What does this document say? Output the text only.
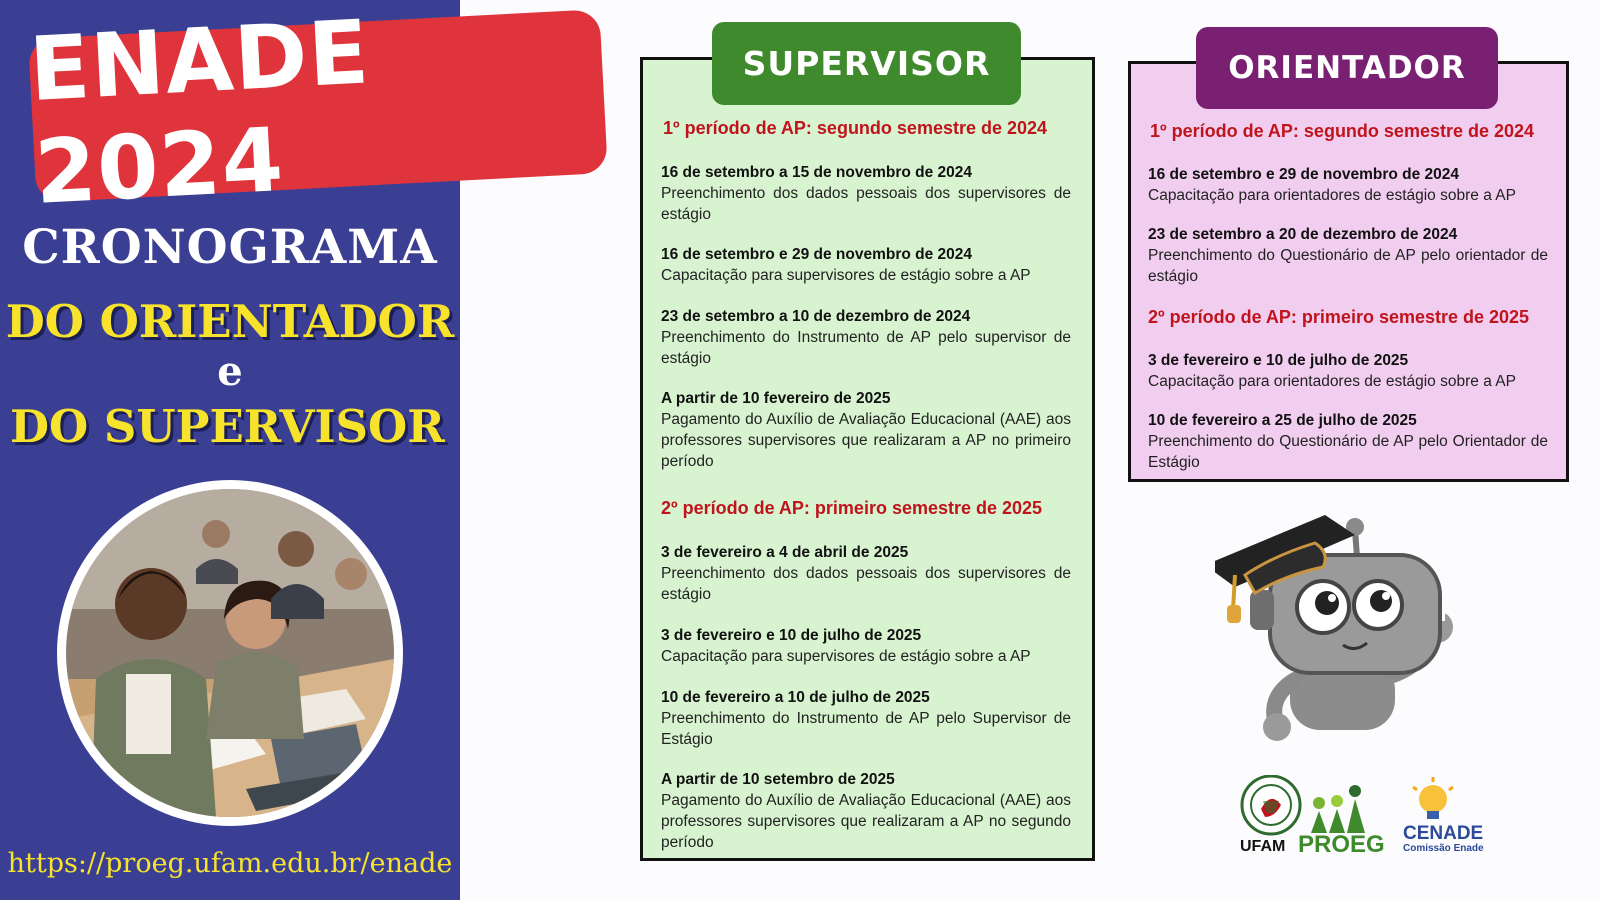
ENADE 2024
CRONOGRAMA
DO ORIENTADOR
e
DO SUPERVISOR
https://proeg.ufam.edu.br/enade
SUPERVISOR
1º período de AP: segundo semestre de 2024
16 de setembro a 15 de novembro de 2024
Preenchimento dos dados pessoais dos supervisores de estágio
16 de setembro e 29 de novembro de 2024
Capacitação para supervisores de estágio sobre a AP
23 de setembro a 10 de dezembro de 2024
Preenchimento do Instrumento de AP pelo supervisor de estágio
A partir de 10 fevereiro de 2025
Pagamento do Auxílio de Avaliação Educacional (AAE) aos professores supervisores que realizaram a AP no primeiro período
2º período de AP: primeiro semestre de 2025
3 de fevereiro a 4 de abril de 2025
Preenchimento dos dados pessoais dos supervisores de estágio
3 de fevereiro e 10 de julho de 2025
Capacitação para supervisores de estágio sobre a AP
10 de fevereiro a 10 de julho de 2025
Preenchimento do Instrumento de AP pelo Supervisor de Estágio
A partir de 10 setembro de 2025
Pagamento do Auxílio de Avaliação Educacional (AAE) aos professores supervisores que realizaram a AP no segundo período
ORIENTADOR
1º período de AP: segundo semestre de 2024
16 de setembro e 29 de novembro de 2024
Capacitação para orientadores de estágio sobre a AP
23 de setembro a 20 de dezembro de 2024
Preenchimento do Questionário de AP pelo orientador de estágio
2º período de AP: primeiro semestre de 2025
3 de fevereiro e 10 de julho de 2025
Capacitação para orientadores de estágio sobre a AP
10 de fevereiro a 25 de julho de 2025
Preenchimento do Questionário de AP pelo Orientador de Estágio
UFAM PROEG CENADE
Comissão Enade
